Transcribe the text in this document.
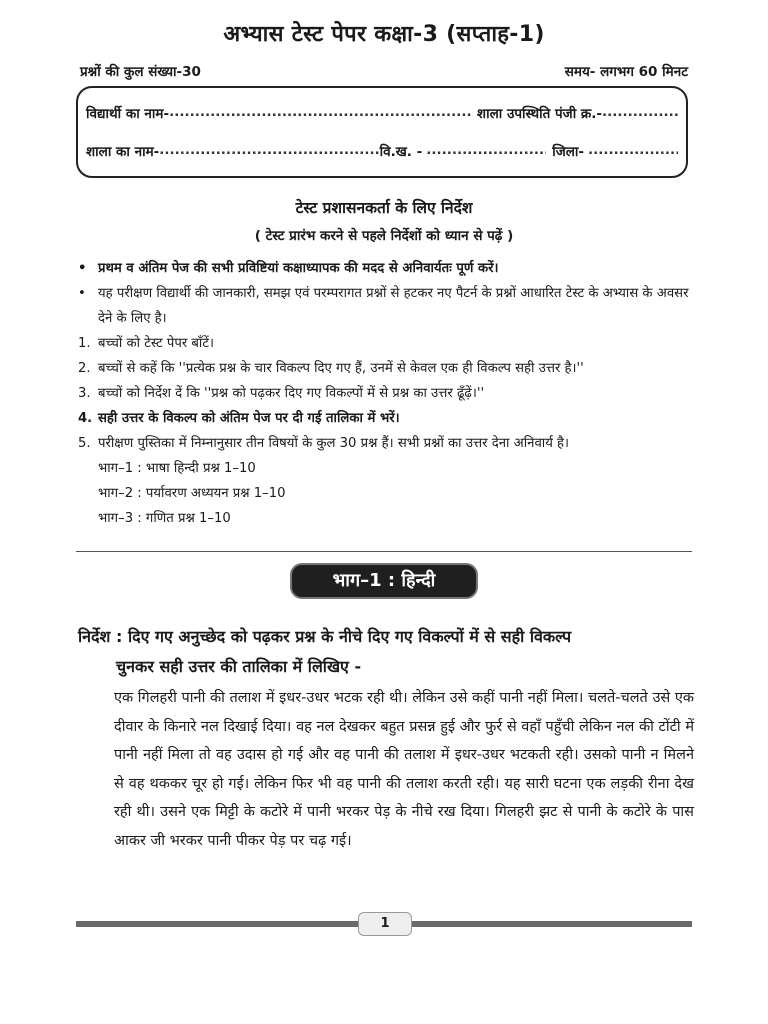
अभ्यास टेस्ट पेपर कक्षा-3 (सप्ताह-1)
प्रश्नों की कुल संख्या-30	समय- लगभग 60 मिनट
विद्यार्थी का नाम- .....	शाला उपस्थिति पंजी क्र.-
.....
शाला का नाम- .....	वि.ख. - .....	जिला-
.....
टेस्ट प्रशासनकर्ता के लिए निर्देश
( टेस्ट प्रारंभ करने से पहले निर्देशों को ध्यान से पढ़ें )
• प्रथम व अंतिम पेज की सभी प्रविष्टियां कक्षाध्यापक की मदद से अनिवार्यतः पूर्ण करें।
• यह परीक्षण विद्यार्थी की जानकारी, समझ एवं परम्परागत प्रश्नों से हटकर नए पैटर्न के प्रश्नों आधारित टेस्ट के अभ्यास के अवसर देने के लिए है।
1. बच्चों को टेस्ट पेपर बाँटें।
2. बच्चों से कहें कि ''प्रत्येक प्रश्न के चार विकल्प दिए गए हैं, उनमें से केवल एक ही विकल्प सही उत्तर है।''
3. बच्चों को निर्देश दें कि ''प्रश्न को पढ़कर दिए गए विकल्पों में से प्रश्न का उत्तर ढूँढ़ें।''
4. सही उत्तर के विकल्प को अंतिम पेज पर दी गई तालिका में भरें।
5. परीक्षण पुस्तिका में निम्नानुसार तीन विषयों के कुल 30 प्रश्न हैं। सभी प्रश्नों का उत्तर देना अनिवार्य है।
भाग–1 : भाषा हिन्दी प्रश्न 1–10
भाग–2 : पर्यावरण अध्ययन प्रश्न 1–10
भाग–3 : गणित प्रश्न 1–10
भाग–1 : हिन्दी
निर्देश : दिए गए अनुच्छेद को पढ़कर प्रश्न के नीचे दिए गए विकल्पों में से सही विकल्प
चुनकर सही उत्तर की तालिका में लिखिए -
एक गिलहरी पानी की तलाश में इधर-उधर भटक रही थी। लेकिन उसे कहीं पानी नहीं मिला। चलते-चलते उसे एक दीवार के किनारे नल दिखाई दिया। वह नल देखकर बहुत प्रसन्न हुई और फुर्र से वहाँ पहुँची लेकिन नल की टोंटी में पानी नहीं मिला तो वह उदास हो गई और वह पानी की तलाश में इधर-उधर भटकती रही। उसको पानी न मिलने से वह थककर चूर हो गई। लेकिन फिर भी वह पानी की तलाश करती रही। यह सारी घटना एक लड़की रीना देख रही थी। उसने एक मिट्टी के कटोरे में पानी भरकर पेड़ के नीचे रख दिया। गिलहरी झट से पानी के कटोरे के पास आकर जी भरकर पानी पीकर पेड़ पर चढ़ गई।
1
